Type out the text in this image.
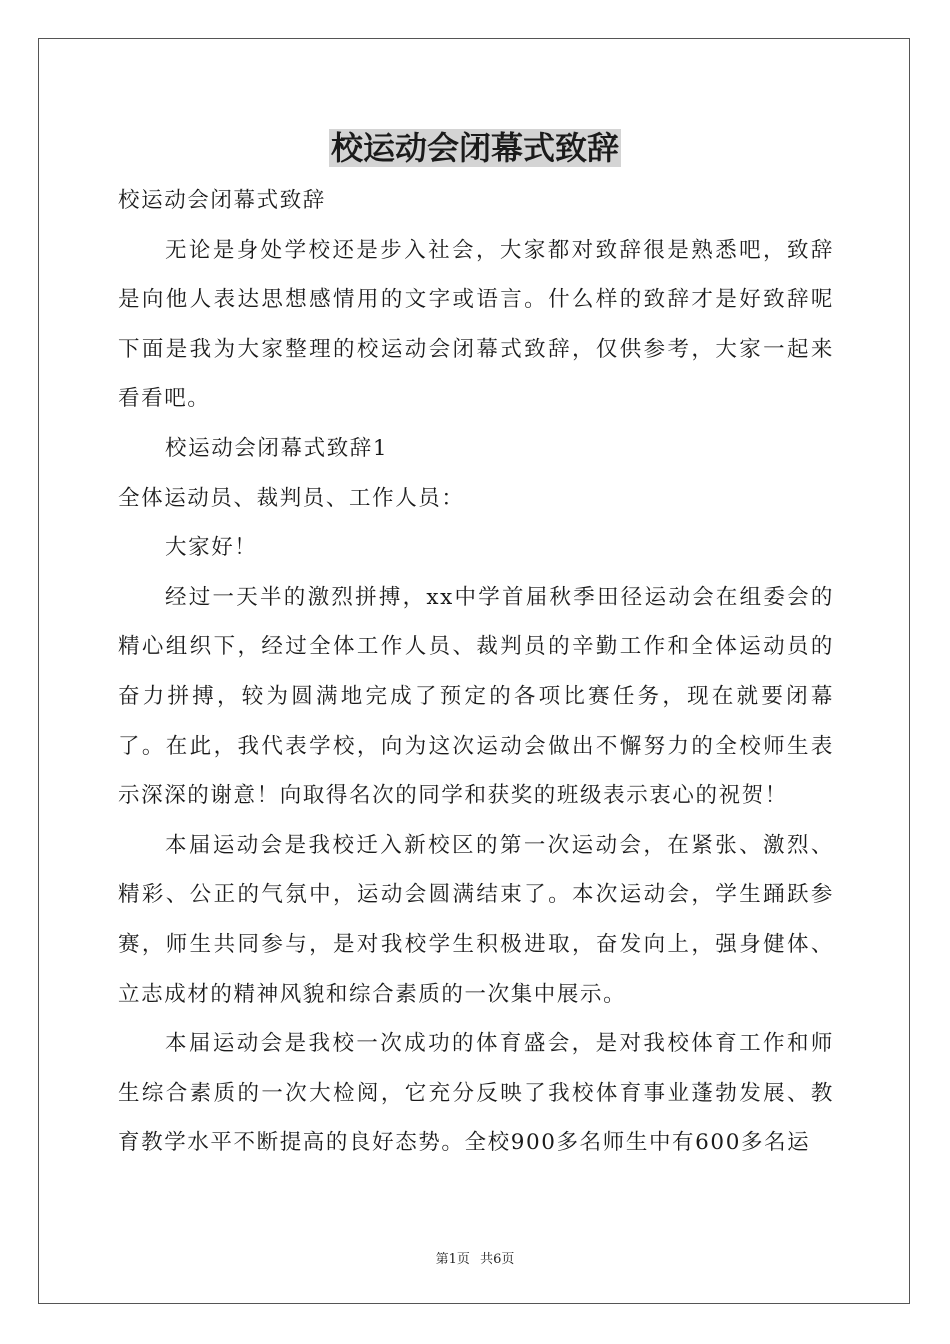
校运动会闭幕式致辞

校运动会闭幕式致辞

无论是身处学校还是步入社会，大家都对致辞很是熟悉吧，致辞是向他人表达思想感情用的文字或语言。什么样的致辞才是好致辞呢下面是我为大家整理的校运动会闭幕式致辞，仅供参考，大家一起来看看吧。

校运动会闭幕式致辞1

全体运动员、裁判员、工作人员：

大家好！

经过一天半的激烈拼搏，xx中学首届秋季田径运动会在组委会的精心组织下，经过全体工作人员、裁判员的辛勤工作和全体运动员的奋力拼搏，较为圆满地完成了预定的各项比赛任务，现在就要闭幕了。在此，我代表学校，向为这次运动会做出不懈努力的全校师生表示深深的谢意！向取得名次的同学和获奖的班级表示衷心的祝贺！

本届运动会是我校迁入新校区的第一次运动会，在紧张、激烈、精彩、公正的气氛中，运动会圆满结束了。本次运动会，学生踊跃参赛，师生共同参与，是对我校学生积极进取，奋发向上，强身健体、立志成材的精神风貌和综合素质的一次集中展示。

本届运动会是我校一次成功的体育盛会，是对我校体育工作和师生综合素质的一次大检阅，它充分反映了我校体育事业蓬勃发展、教育教学水平不断提高的良好态势。全校900多名师生中有600多名运

第1页 共6页
